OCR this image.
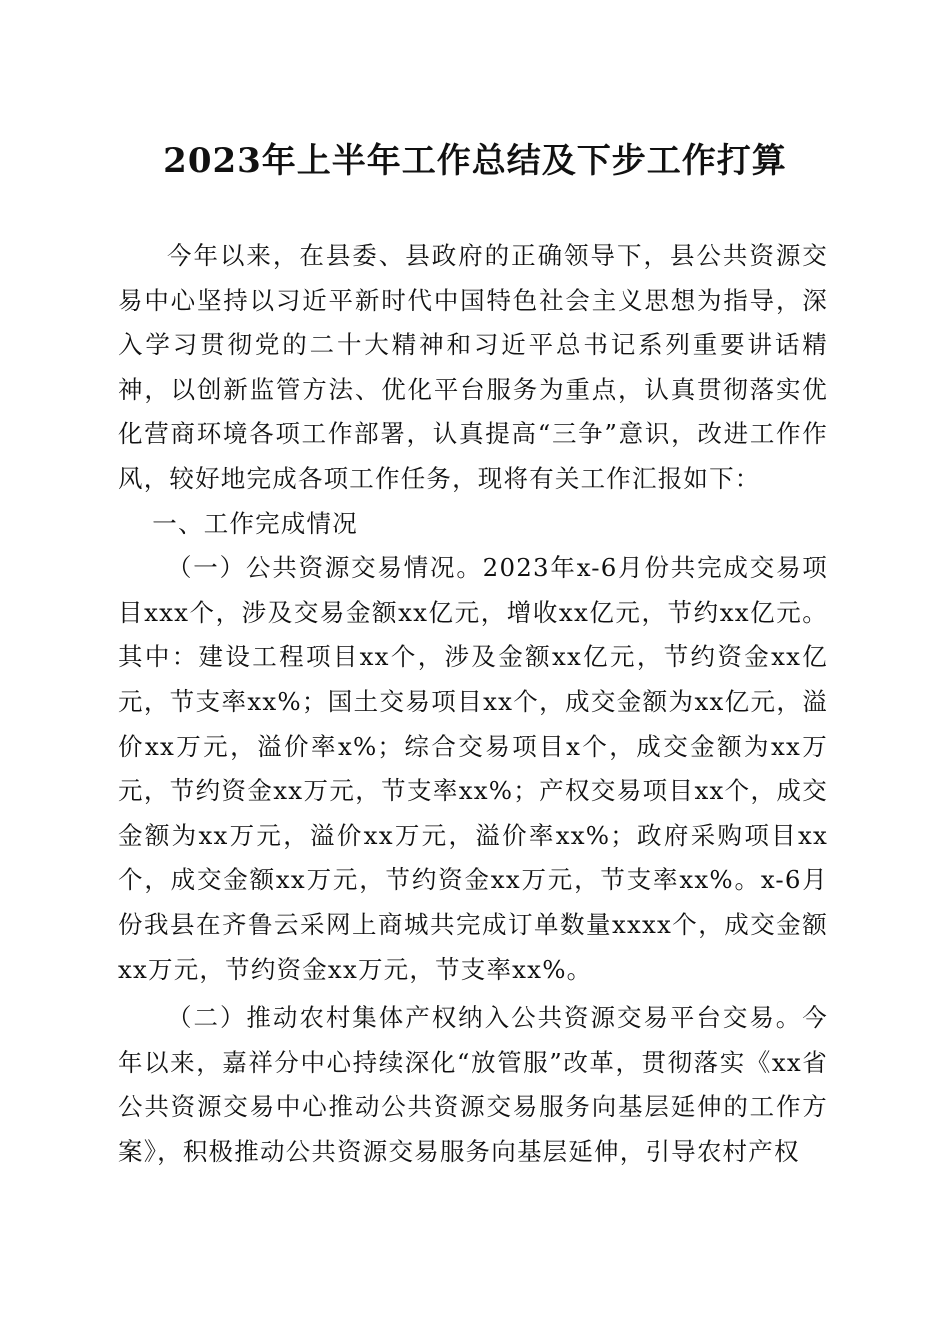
2023年上半年工作总结及下步工作打算

今年以来，在县委、县政府的正确领导下，县公共资源交易中心坚持以习近平新时代中国特色社会主义思想为指导，深入学习贯彻党的二十大精神和习近平总书记系列重要讲话精神，以创新监管方法、优化平台服务为重点，认真贯彻落实优化营商环境各项工作部署，认真提高“三争”意识，改进工作作风，较好地完成各项工作任务，现将有关工作汇报如下：

一、工作完成情况

（一）公共资源交易情况。2023年x-6月份共完成交易项目xxx个，涉及交易金额xx亿元，增收xx亿元，节约xx亿元。其中：建设工程项目xx个，涉及金额xx亿元，节约资金xx亿元，节支率xx%；国土交易项目xx个，成交金额为xx亿元，溢价xx万元，溢价率x%；综合交易项目x个，成交金额为xx万元，节约资金xx万元，节支率xx%；产权交易项目xx个，成交金额为xx万元，溢价xx万元，溢价率xx%；政府采购项目xx个，成交金额xx万元，节约资金xx万元，节支率xx%。x-6月份我县在齐鲁云采网上商城共完成订单数量xxxx个，成交金额xx万元，节约资金xx万元，节支率xx%。

（二）推动农村集体产权纳入公共资源交易平台交易。今年以来，嘉祥分中心持续深化“放管服”改革，贯彻落实《xx省公共资源交易中心推动公共资源交易服务向基层延伸的工作方案》，积极推动公共资源交易服务向基层延伸，引导农村产权
